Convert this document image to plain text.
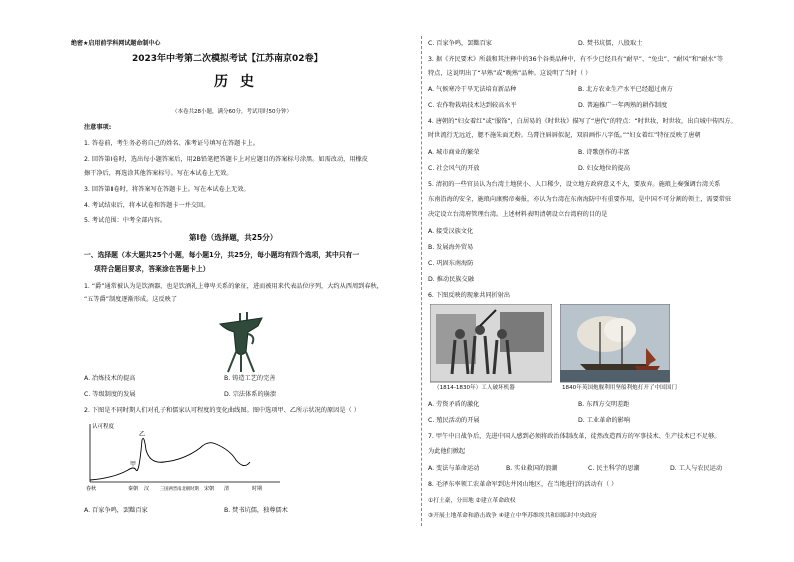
绝密★启用前学科网试题命制中心
2023年中考第二次模拟考试【江苏南京02卷】
历史
（本卷共28小题，满分60分，考试用时50分钟）
注意事项:
1. 答卷前，考生务必将自己的姓名、准考证号填写在答题卡上。
2. 回答第Ⅰ卷时，选出每小题答案后，用2B铅笔把答题卡上对应题目的答案标号涂黑。如需改动，用橡皮
擦干净后，再选涂其他答案标号。写在本试卷上无效。
3. 回答第Ⅱ卷时，将答案写在答题卡上。写在本试卷上无效。
4. 考试结束后，将本试卷和答题卡一并交回。
5. 考试范围：中考全部内容。
第Ⅰ卷（选择题，共25分）
一、选择题（本大题共25个小题，每小题1分，共25分，每小题均有四个选项，其中只有一
项符合题目要求，答案涂在答题卡上）
1. “爵”通常被认为是饮酒器，也是饮酒礼上尊卑关系的象征，进而被用来代表品位序列，大约从西周到春秋，
“五等爵”制度逐渐形成。这反映了
A. 冶炼技术的提高	B. 铸造工艺的完善
C. 等级制度的发展	D. 宗法体系的崩溃
2. 下图是不同时期人们对孔子和儒家认可程度的变化曲线图。图中选项甲、乙所示状况的原因是（ ）
认可程度
甲
乙
春秋	秦朝 汉	三国两晋南北朝时期 宋朝 清	时期
A. 百家争鸣，罢黜百家	B. 焚书坑儒，独尊儒术
C. 百家争鸣，罢黜百家	D. 焚书坑儒，八股取士
3. 据《齐民要术》所载和其注释中的36个谷类品种中，有不少已经具有“耐旱”、“免虫”、“耐风”和“耐水”等
特点，这说明出了“早熟”或“晚熟”品种。这说明了当时（ ）
A. 气候寒冷干旱无法培育新品种	B. 北方农业生产水平已经超过南方
C. 农作物栽培技术达到较高水平	D. 普遍推广一年两熟的耕作制度
4. 唐朝的“妇女着红”或“服饰”，白居易的《时世妆》描写了“唐代”的特点：“时世妆，时世妆，出自城中传四方。
时世流行无远近，腮不施朱面无粉。乌膏注唇唇似泥，双眉画作八字低。”“妇女着红”特征反映了唐朝
A. 城市商业的繁荣	B. 诗歌创作的丰富
C. 社会风气的开放	D. 妇女地位的提高
5. 清初的一些官员认为台湾土地狭小、人口稀少，设立地方政府意义不大，要放弃。施琅上奏强调台湾关系
东南沿海的安全，施琅向康熙帝奏报，亦认为台湾在东南海防中有重要作用，是中国不可分割的领土，需要常驻
决定设立台湾府管理台湾。上述材料表明清朝设立台湾府的目的是
A. 接受汉族文化
B. 发展海外贸易
C. 巩固东南海防
D. 推动民族交融
6. 下图反映的现象共同折射出
（1814-1830年）工人破坏机器	1840年英国炮舰利用坚船利炮打开了中国国门
A. 劳资矛盾的激化	B. 东西方交明差距
C. 殖民活动的开展	D. 工业革命的影响
7. 甲午中日战争后，先进中国人感到必须将政治体制改革，徒然改造西方的军事技术、生产技术已不足够。
为此他们掀起
A. 变法与革命运动	B. 实业救国的浪潮	C. 民主科学的思潮	D. 工人与农民运动
8. 毛泽东率领工农革命军到达井冈山地区，在当地进行的活动有（ ）
①打土豪，分田地 ②建立革命政权
③开展土地革命和游击战争 ④建立中华苏维埃共和国临时中央政府
